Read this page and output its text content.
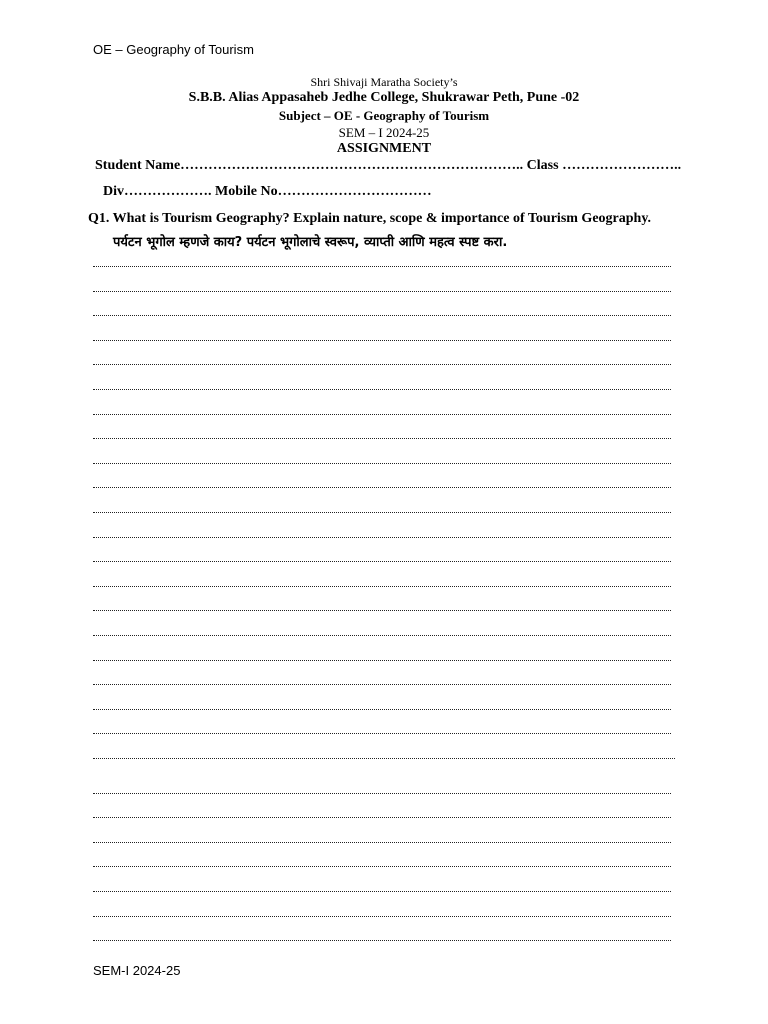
OE – Geography of Tourism
Shri Shivaji Maratha Society’s
S.B.B. Alias Appasaheb Jedhe College, Shukrawar Peth, Pune -02
Subject – OE - Geography of Tourism
SEM – I 2024-25
ASSIGNMENT
Student Name……………………………………………………………….. Class ……………………..
Div………………. Mobile No……………………………
Q1. What is Tourism Geography? Explain nature, scope & importance of Tourism Geography.
पर्यटन भूगोल म्हणजे काय? पर्यटन भूगोलाचे स्वरूप, व्याप्ती आणि महत्व स्पष्ट करा.
SEM-I 2024-25
